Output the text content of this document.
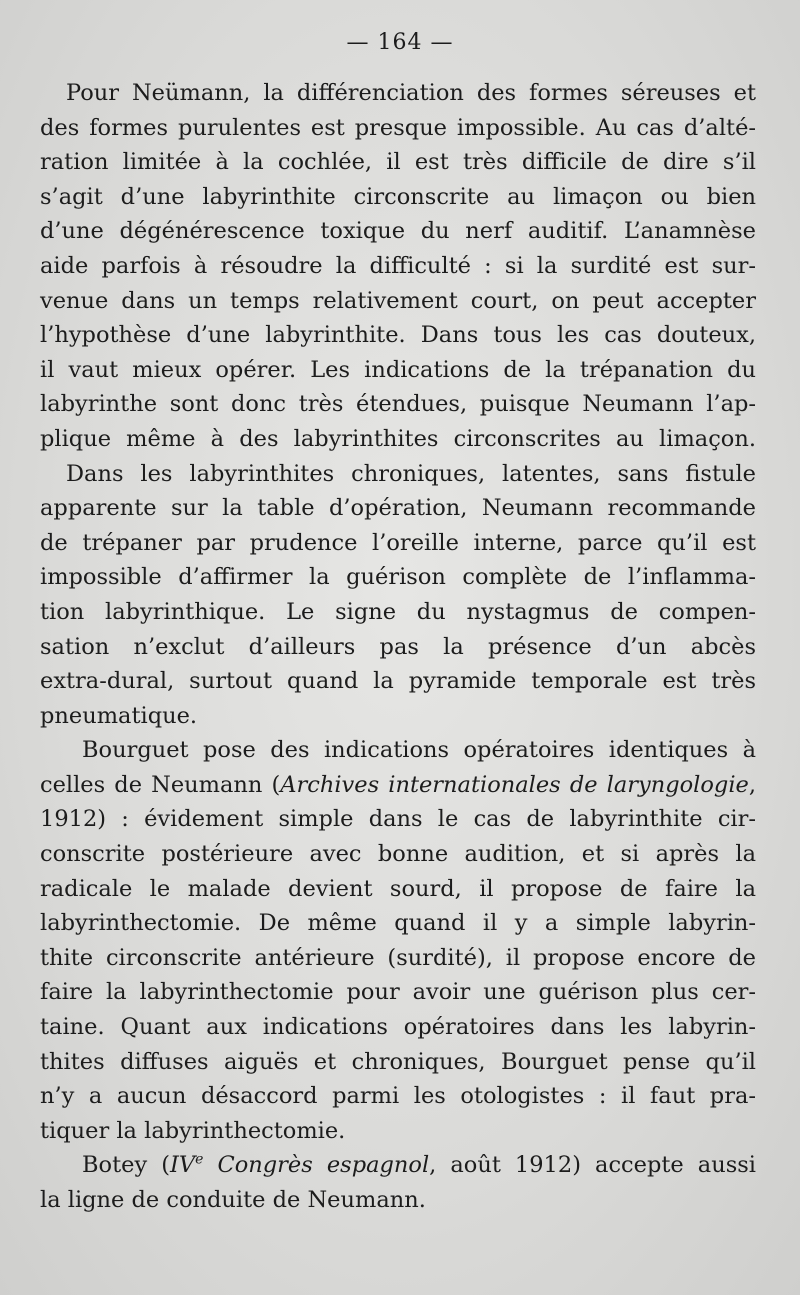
— 164 —
Pour Neümann, la différenciation des formes séreuses et
des formes purulentes est presque impossible. Au cas d’alté-
ration limitée à la cochlée, il est très difficile de dire s’il
s’agit d’une labyrinthite circonscrite au limaçon ou bien
d’une dégénérescence toxique du nerf auditif. L’anamnèse
aide parfois à résoudre la difficulté : si la surdité est sur-
venue dans un temps relativement court, on peut accepter
l’hypothèse d’une labyrinthite. Dans tous les cas douteux,
il vaut mieux opérer. Les indications de la trépanation du
labyrinthe sont donc très étendues, puisque Neumann l’ap-
plique même à des labyrinthites circonscrites au limaçon.
Dans les labyrinthites chroniques, latentes, sans fistule
apparente sur la table d’opération, Neumann recommande
de trépaner par prudence l’oreille interne, parce qu’il est
impossible d’affirmer la guérison complète de l’inflamma-
tion labyrinthique. Le signe du nystagmus de compen-
sation n’exclut d’ailleurs pas la présence d’un abcès
extra-dural, surtout quand la pyramide temporale est très
pneumatique.
Bourguet pose des indications opératoires identiques à
celles de Neumann (Archives internationales de laryngologie,
1912) : évidement simple dans le cas de labyrinthite cir-
conscrite postérieure avec bonne audition, et si après la
radicale le malade devient sourd, il propose de faire la
labyrinthectomie. De même quand il y a simple labyrin-
thite circonscrite antérieure (surdité), il propose encore de
faire la labyrinthectomie pour avoir une guérison plus cer-
taine. Quant aux indications opératoires dans les labyrin-
thites diffuses aiguës et chroniques, Bourguet pense qu’il
n’y a aucun désaccord parmi les otologistes : il faut pra-
tiquer la labyrinthectomie.
Botey (IVe Congrès espagnol, août 1912) accepte aussi
la ligne de conduite de Neumann.
